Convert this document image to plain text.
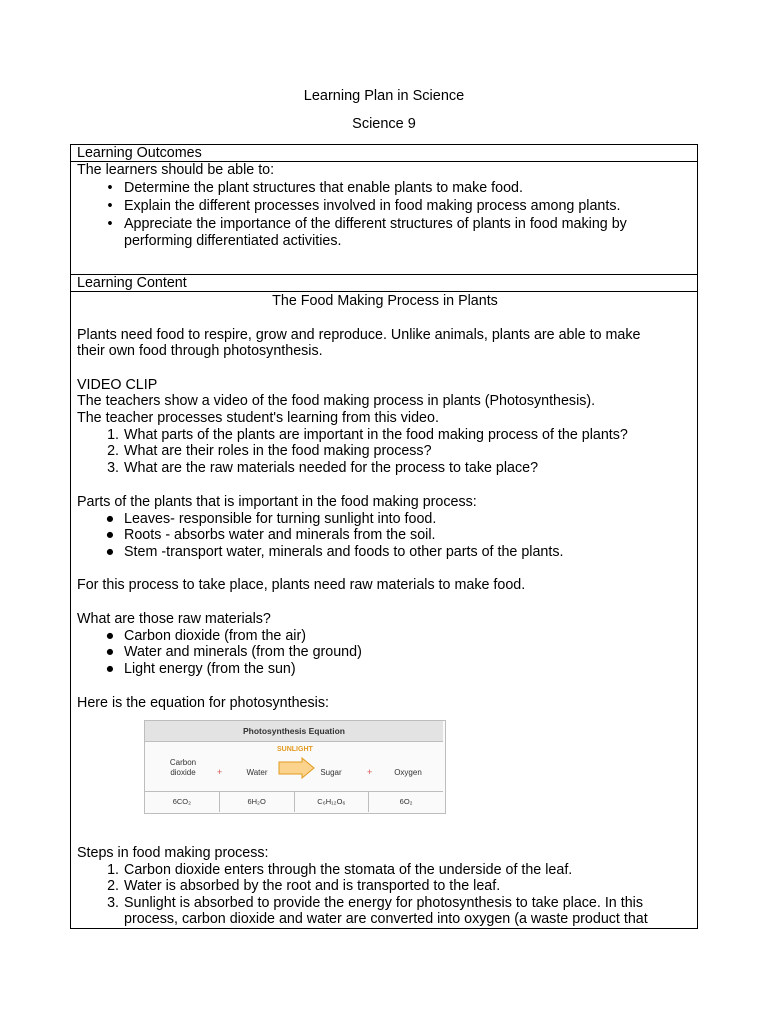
Learning Plan in Science
Science 9
Learning Outcomes
The learners should be able to:
• Determine the plant structures that enable plants to make food.
• Explain the different processes involved in food making process among plants.
• Appreciate the importance of the different structures of plants in food making by
performing differentiated activities.
Learning Content
The Food Making Process in Plants
Plants need food to respire, grow and reproduce. Unlike animals, plants are able to make
their own food through photosynthesis.
VIDEO CLIP
The teachers show a video of the food making process in plants (Photosynthesis).
The teacher processes student's learning from this video.
1. What parts of the plants are important in the food making process of the plants?
2. What are their roles in the food making process?
3. What are the raw materials needed for the process to take place?
Parts of the plants that is important in the food making process:
● Leaves- responsible for turning sunlight into food.
● Roots - absorbs water and minerals from the soil.
● Stem -transport water, minerals and foods to other parts of the plants.
For this process to take place, plants need raw materials to make food.
What are those raw materials?
● Carbon dioxide (from the air)
● Water and minerals (from the ground)
● Light energy (from the sun)
Here is the equation for photosynthesis:
Photosynthesis Equation
Carbon
dioxide	+	Water
SUNLIGHT
Sugar	+	Oxygen
6CO₂	6H₂O	C₆H₁₂O₆	6O₂
Steps in food making process:
1. Carbon dioxide enters through the stomata of the underside of the leaf.
2. Water is absorbed by the root and is transported to the leaf.
3. Sunlight is absorbed to provide the energy for photosynthesis to take place. In this
process, carbon dioxide and water are converted into oxygen (a waste product that
